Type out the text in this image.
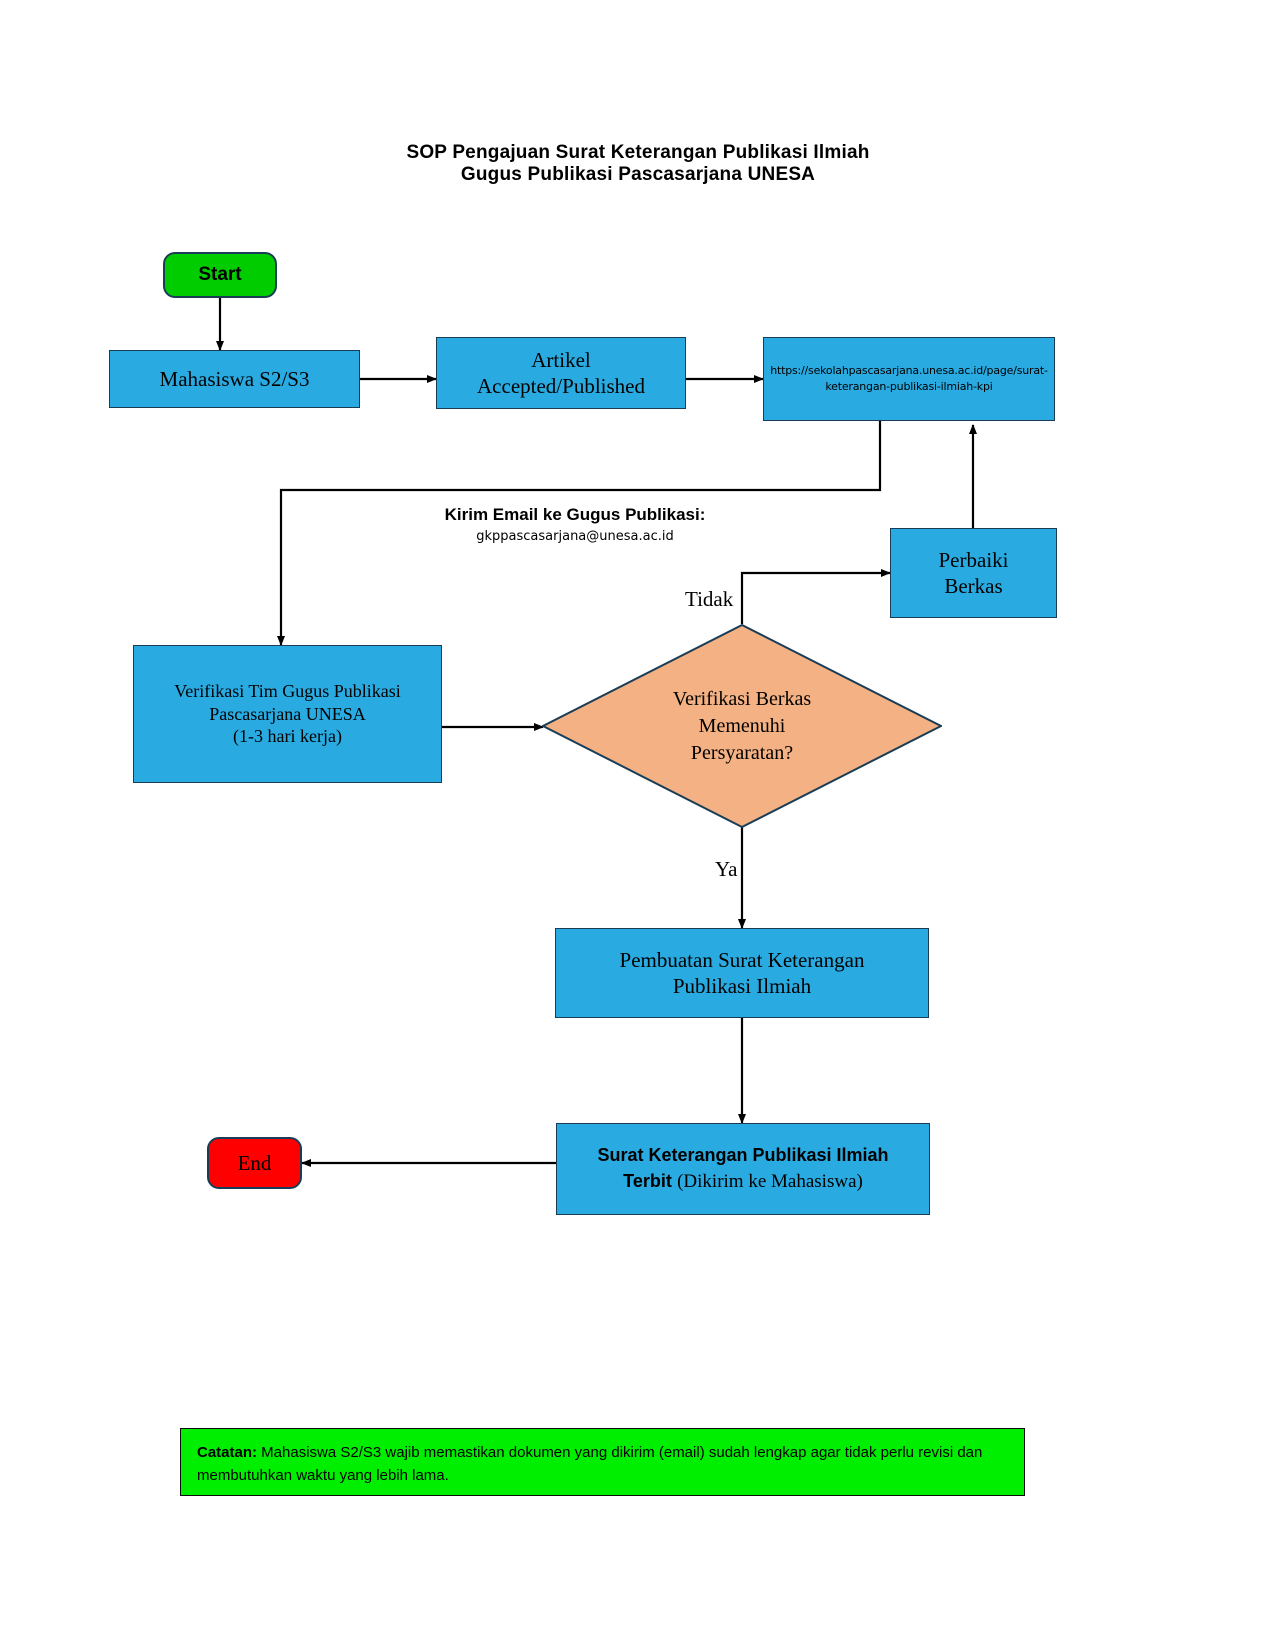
SOP Pengajuan Surat Keterangan Publikasi Ilmiah
Gugus Publikasi Pascasarjana UNESA
Start
Mahasiswa S2/S3
Artikel
Accepted/Published
https://sekolahpascasarjana.unesa.ac.id/page/surat-keterangan-publikasi-ilmiah-kpi
Kirim Email ke Gugus Publikasi:
gkppascasarjana@unesa.ac.id
Perbaiki
Berkas
Tidak
Verifikasi Tim Gugus Publikasi
Pascasarjana UNESA
(1-3 hari kerja)
Verifikasi Berkas
Memenuhi
Persyaratan?
Ya
Pembuatan Surat Keterangan
Publikasi Ilmiah
Surat Keterangan Publikasi Ilmiah
Terbit (Dikirim ke Mahasiswa)
End
Catatan: Mahasiswa S2/S3 wajib memastikan dokumen yang dikirim (email) sudah lengkap agar tidak perlu revisi dan membutuhkan waktu yang lebih lama.
